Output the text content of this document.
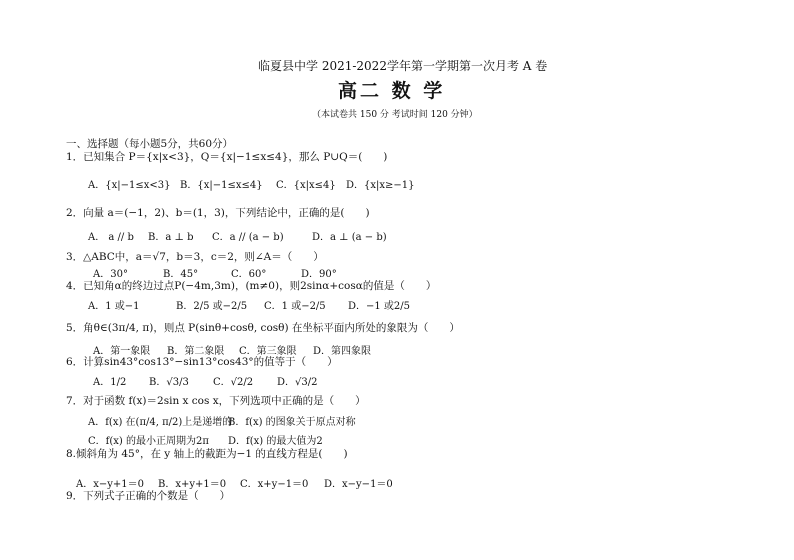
临夏县中学 2021-2022学年第一学期第一次月考 A 卷
高二 数 学
（本试卷共 150 分 考试时间 120 分钟）
一、选择题（每小题5分，共60分）
1．已知集合 P＝{x|x<3}，Q＝{x|−1≤x≤4}，那么 P∪Q＝(　　)
A．{x|−1≤x<3} B．{x|−1≤x≤4}	C．{x|x≤4}	D．{x|x≥−1}
2．向量 a＝(−1，2)、b＝(1，3)，下列结论中，正确的是(　　)
A． a // b	B．a ⊥ b	C．a // (a − b)	D．a ⊥ (a − b)
3．△ABC中，a＝√7，b＝3，c＝2，则∠A＝（　　）
A．30°	B．45°	C．60°	D．90°
4．已知角α的终边过点P(−4m,3m)，(m≠0)，则2sinα+cosα的值是（　　）
A．1 或−1	B．2/5 或−2/5	C．1 或−2/5	D．−1 或2/5
5．角θ∈(3π/4, π)，则点 P(sinθ+cosθ, cosθ) 在坐标平面内所处的象限为（　　）
A．第一象限	B．第二象限	C．第三象限	D．第四象限
6．计算sin43°cos13°−sin13°cos43°的值等于（　　）
A．1/2	B．√3/3	C．√2/2	D．√3/2
7．对于函数 f(x)＝2sin x cos x，下列选项中正确的是（　　）
A．f(x) 在(π/4, π/2)上是递增的
B．f(x) 的图象关于原点对称
C．f(x) 的最小正周期为2π	D．f(x) 的最大值为2
8.倾斜角为 45°，在 y 轴上的截距为−1 的直线方程是(　　)
A．x−y+1＝0	B．x+y+1＝0	C．x+y−1＝0	D．x−y−1＝0
9．下列式子正确的个数是（　　）
